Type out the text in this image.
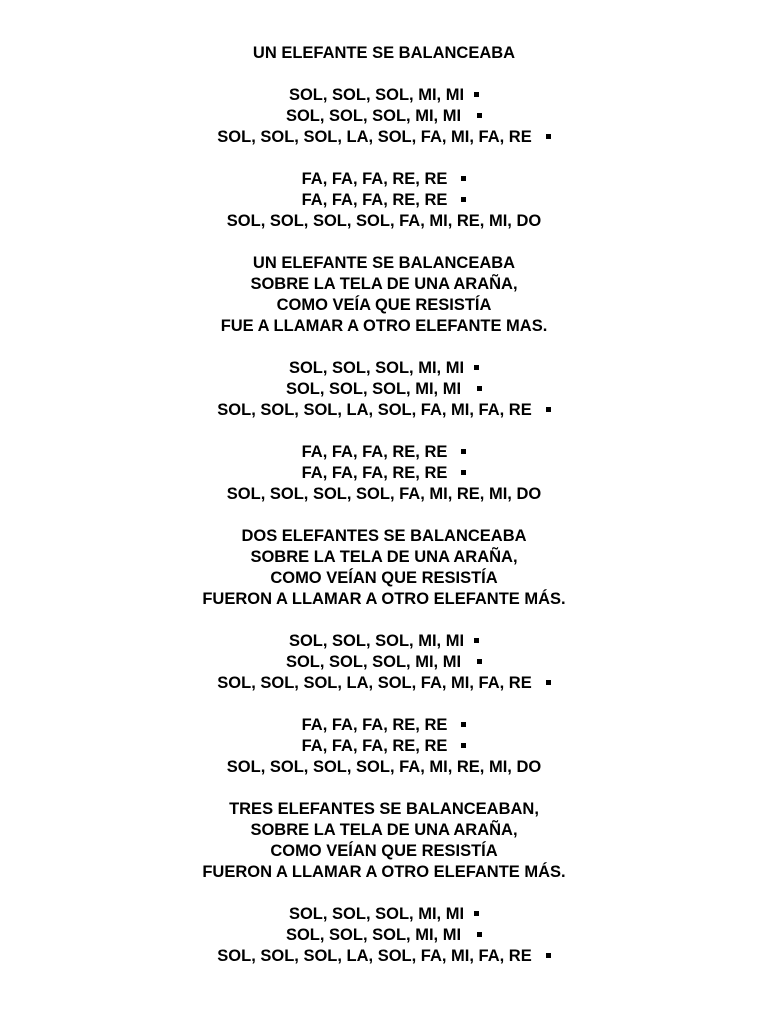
UN ELEFANTE SE BALANCEABA
SOL, SOL, SOL, MI, MI
SOL, SOL, SOL, MI, MI
SOL, SOL, SOL, LA, SOL, FA, MI, FA, RE
FA, FA, FA, RE, RE
FA, FA, FA, RE, RE
SOL, SOL, SOL, SOL, FA, MI, RE, MI, DO
UN ELEFANTE SE BALANCEABA
SOBRE LA TELA DE UNA ARAÑA,
COMO VEÍA QUE RESISTÍA
FUE A LLAMAR A OTRO ELEFANTE MAS.
SOL, SOL, SOL, MI, MI
SOL, SOL, SOL, MI, MI
SOL, SOL, SOL, LA, SOL, FA, MI, FA, RE
FA, FA, FA, RE, RE
FA, FA, FA, RE, RE
SOL, SOL, SOL, SOL, FA, MI, RE, MI, DO
DOS ELEFANTES SE BALANCEABA
SOBRE LA TELA DE UNA ARAÑA,
COMO VEÍAN QUE RESISTÍA
FUERON A LLAMAR A OTRO ELEFANTE MÁS.
SOL, SOL, SOL, MI, MI
SOL, SOL, SOL, MI, MI
SOL, SOL, SOL, LA, SOL, FA, MI, FA, RE
FA, FA, FA, RE, RE
FA, FA, FA, RE, RE
SOL, SOL, SOL, SOL, FA, MI, RE, MI, DO
TRES ELEFANTES SE BALANCEABAN,
SOBRE LA TELA DE UNA ARAÑA,
COMO VEÍAN QUE RESISTÍA
FUERON A LLAMAR A OTRO ELEFANTE MÁS.
SOL, SOL, SOL, MI, MI
SOL, SOL, SOL, MI, MI
SOL, SOL, SOL, LA, SOL, FA, MI, FA, RE
